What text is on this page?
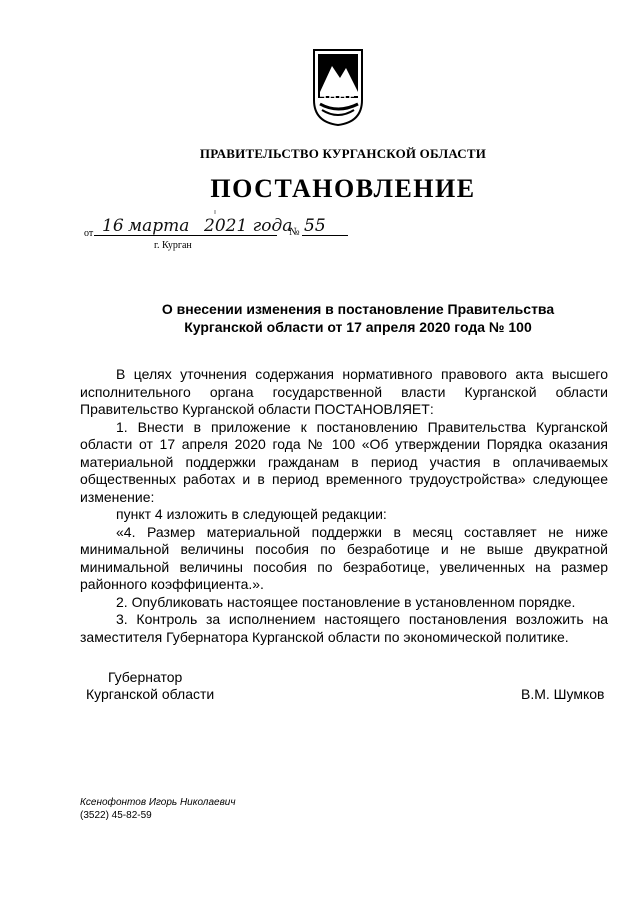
ПРАВИТЕЛЬСТВО КУРГАНСКОЙ ОБЛАСТИ
ПОСТАНОВЛЕНИЕ
от 16 марта 2021 года
№ 55
г. Курган
О внесении изменения в постановление Правительства
Курганской области от 17 апреля 2020 года № 100

В целях уточнения содержания нормативного правового акта высшего исполнительного органа государственной власти Курганской области Правительство Курганской области ПОСТАНОВЛЯЕТ:

1. Внести в приложение к постановлению Правительства Курганской области от 17 апреля 2020 года № 100 «Об утверждении Порядка оказания материальной поддержки гражданам в период участия в оплачиваемых общественных работах и в период временного трудоустройства» следующее изменение:

пункт 4 изложить в следующей редакции:

«4. Размер материальной поддержки в месяц составляет не ниже минимальной величины пособия по безработице и не выше двукратной минимальной величины пособия по безработице, увеличенных на размер районного коэффициента.».

2. Опубликовать настоящее постановление в установленном порядке.

3. Контроль за исполнением настоящего постановления возложить на заместителя Губернатора Курганской области по экономической политике.

Губернатор
Курганской области	В.М. Шумков
Ксенофонтов Игорь Николаевич
(3522) 45-82-59
